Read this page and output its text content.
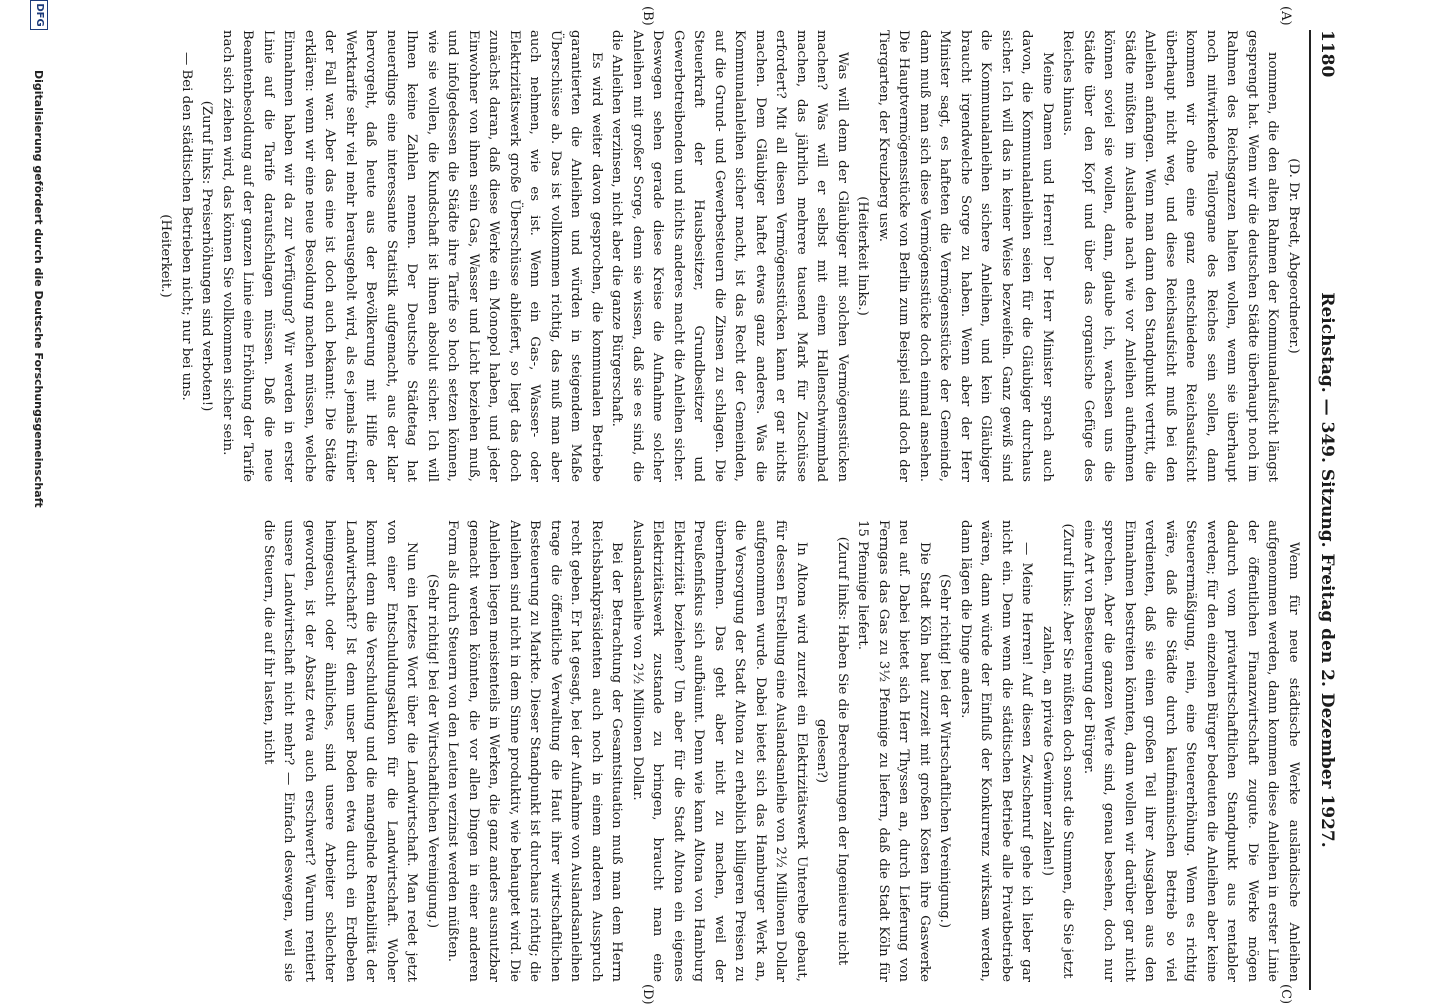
1180
Reichstag. — 349. Sitzung. Freitag den 2. Dezember 1927.
(A)
(B)
(C)
(D)

(D. Dr. Bredt, Abgeordneter.)

nommen, die den alten Rahmen der Kommunalaufsicht längst gesprengt hat. Wenn wir die deutschen Städte überhaupt noch im Rahmen des Reichsganzen halten wollen, wenn sie überhaupt noch mitwirkende Teilorgane des Reiches sein sollen, dann kommen wir ohne eine ganz entschiedene Reichsaufsicht überhaupt nicht weg, und diese Reichsaufsicht muß bei den Anleihen anfangen. Wenn man dann den Standpunkt vertritt, die Städte müßten im Auslande nach wie vor Anleihen aufnehmen können soviel sie wollen, dann, glaube ich, wachsen uns die Städte über den Kopf und über das organische Gefüge des Reiches hinaus.

Meine Damen und Herren! Der Herr Minister sprach auch davon, die Kommunalanleihen seien für die Gläubiger durchaus sicher. Ich will das in keiner Weise bezweifeln. Ganz gewiß sind die Kommunalanleihen sichere Anleihen, und kein Gläubiger braucht irgendwelche Sorge zu haben. Wenn aber der Herr Minister sagt, es hafteten die Vermögensstücke der Gemeinde, dann muß man sich diese Vermögensstücke doch einmal ansehen. Die Hauptvermögensstücke von Berlin zum Beispiel sind doch der Tiergarten, der Kreuzberg usw.

(Heiterkeit links.)

Was will denn der Gläubiger mit solchen Vermögensstücken machen? Was will er selbst mit einem Hallenschwimmbad machen, das jährlich mehrere tausend Mark für Zuschüsse erfordert? Mit all diesen Vermögensstücken kann er gar nichts machen. Dem Gläubiger haftet etwas ganz anderes. Was die Kommunalanleihen sicher macht, ist das Recht der Gemeinden, auf die Grund- und Gewerbesteuern die Zinsen zu schlagen. Die Steuerkraft der Hausbesitzer, Grundbesitzer und Gewerbetreibenden und nichts anderes macht die Anleihen sicher. Deswegen sehen gerade diese Kreise die Aufnahme solcher Anleihen mit großer Sorge, denn sie wissen, daß sie es sind, die die Anleihen verzinsen, nicht aber die ganze Bürgerschaft.

Es wird weiter davon gesprochen, die kommunalen Betriebe garantierten die Anleihen und würden in steigendem Maße Überschüsse ab. Das ist vollkommen richtig, das muß man aber auch nehmen, wie es ist. Wenn ein Gas-, Wasser- oder Elektrizitätswerk große Überschüsse abliefert, so liegt das doch zunächst daran, daß diese Werke ein Monopol haben, und jeder Einwohner von ihnen sein Gas, Wasser und Licht beziehen muß, und infolgedessen die Städte ihre Tarife so hoch setzen können, wie sie wollen, die Kundschaft ist ihnen absolut sicher. Ich will Ihnen keine Zahlen nennen. Der Deutsche Städtetag hat neuerdings eine interessante Statistik aufgemacht, aus der klar hervorgeht, daß heute aus der Bevölkerung mit Hilfe der Werktarife sehr viel mehr herausgeholt wird, als es jemals früher der Fall war. Aber das eine ist doch auch bekannt: Die Städte erklären: wenn wir eine neue Besoldung machen müssen, welche Einnahmen haben wir da zur Verfügung? Wir werden in erster Linie auf die Tarife daraufschlagen müssen. Daß die neue Beamtenbesoldung auf der ganzen Linie eine Erhöhung der Tarife nach sich ziehen wird, das können Sie vollkommen sicher sein.

(Zuruf links: Preiserhöhungen sind verboten!)

— Bei den städtischen Betrieben nicht; nur bei uns.

(Heiterkeit.)

Wenn für neue städtische Werke ausländische Anleihen aufgenommen werden, dann kommen diese Anleihen in erster Linie der öffentlichen Finanzwirtschaft zugute. Die Werke mögen dadurch vom privatwirtschaftlichen Standpunkt aus rentabler werden; für den einzelnen Bürger bedeuten die Anleihen aber keine Steuerermäßigung, nein, eine Steuererhöhung. Wenn es richtig wäre, daß die Städte durch kaufmännischen Betrieb so viel verdienten, daß sie einen großen Teil ihrer Ausgaben aus den Einnahmen bestreiten könnten, dann wollen wir darüber gar nicht sprechen. Aber die ganzen Werte sind, genau besehen, doch nur eine Art von Besteuerung der Bürger.

(Zuruf links: Aber Sie müßten doch sonst die Summen, die Sie jetzt zahlen, an private Gewinner zahlen!)

— Meine Herren! Auf diesen Zwischenruf gehe ich lieber gar nicht ein. Denn wenn die städtischen Betriebe alle Privatbetriebe wären, dann würde der Einfluß der Konkurrenz wirksam werden, dann lägen die Dinge anders.

(Sehr richtig! bei der Wirtschaftlichen Vereinigung.)

Die Stadt Köln baut zurzeit mit großen Kosten ihre Gaswerke neu auf. Dabei bietet sich Herr Thyssen an, durch Lieferung von Ferngas das Gas zu 3½ Pfennige zu liefern, daß die Stadt Köln für 15 Pfennige liefert.

(Zuruf links: Haben Sie die Berechnungen der Ingenieure nicht gelesen?)

In Altona wird zurzeit ein Elektrizitätswerk Unterelbe gebaut, für dessen Erstellung eine Auslandsanleihe von 2½ Millionen Dollar aufgenommen wurde. Dabei bietet sich das Hamburger Werk an, die Versorgung der Stadt Altona zu erheblich billigeren Preisen zu übernehmen. Das geht aber nicht zu machen, weil der Preußenfiskus sich aufbäumt. Denn wie kann Altona von Hamburg Elektrizität beziehen? Um aber für die Stadt Altona ein eigenes Elektrizitätswerk zustande zu bringen, braucht man eine Auslandsanleihe von 2½ Millionen Dollar.

Bei der Betrachtung der Gesamtsituation muß man dem Herrn Reichsbankpräsidenten auch noch in einem anderen Ausspruch recht geben. Er hat gesagt, bei der Aufnahme von Auslandsanleihen trage die öffentliche Verwaltung die Haut ihrer wirtschaftlichen Besteuerung zu Markte. Dieser Standpunkt ist durchaus richtig; die Anleihen sind nicht in dem Sinne produktiv, wie behauptet wird. Die Anleihen liegen meistenteils in Werken, die ganz anders ausnutzbar gemacht werden könnten, die vor allen Dingen in einer anderen Form als durch Steuern von den Leuten verzinst werden müßten.

(Sehr richtig! bei der Wirtschaftlichen Vereinigung.)

Nun ein letztes Wort über die Landwirtschaft. Man redet jetzt von einer Entschuldungsaktion für die Landwirtschaft. Woher kommt denn die Verschuldung und die mangelnde Rentabilität der Landwirtschaft? Ist denn unser Boden etwa durch ein Erdbeben heimgesucht oder ähnliches, sind unsere Arbeiter schlechter geworden, ist der Absatz etwa auch erschwert? Warum rentiert unsere Landwirtschaft nicht mehr? — Einfach deswegen, weil sie die Steuern, die auf ihr lasten, nicht

DFG
Digitalisierung gefördert durch die Deutsche Forschungsgemeinschaft
